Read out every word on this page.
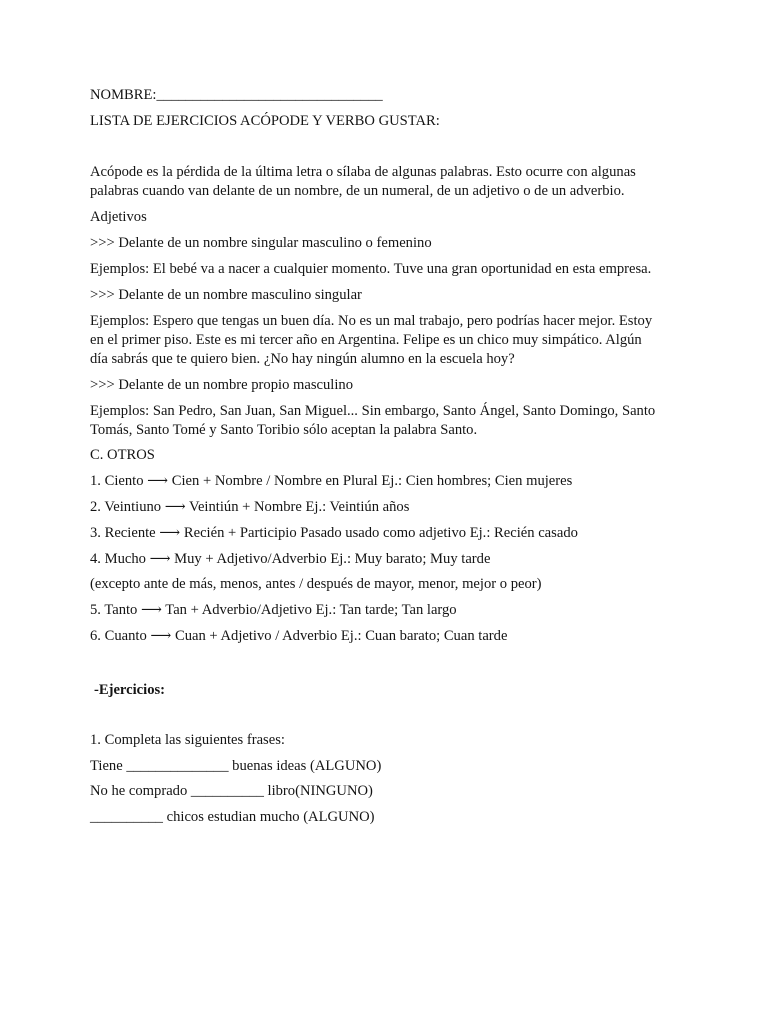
NOMBRE:_______________________________
LISTA DE EJERCICIOS ACÓPODE Y VERBO GUSTAR:
Acópode es la pérdida de la última letra o sílaba de algunas palabras. Esto ocurre con algunas
palabras cuando van delante de un nombre, de un numeral, de un adjetivo o de un adverbio.
Adjetivos
>>> Delante de un nombre singular masculino o femenino
Ejemplos: El bebé va a nacer a cualquier momento. Tuve una gran oportunidad en esta empresa.
>>> Delante de un nombre masculino singular
Ejemplos: Espero que tengas un buen día. No es un mal trabajo, pero podrías hacer mejor. Estoy
en el primer piso. Este es mi tercer año en Argentina. Felipe es un chico muy simpático. Algún
día sabrás que te quiero bien. ¿No hay ningún alumno en la escuela hoy?
>>> Delante de un nombre propio masculino
Ejemplos: San Pedro, San Juan, San Miguel... Sin embargo, Santo Ángel, Santo Domingo, Santo
Tomás, Santo Tomé y Santo Toribio sólo aceptan la palabra Santo.
C. OTROS
1. Ciento ⟶ Cien + Nombre / Nombre en Plural Ej.: Cien hombres; Cien mujeres
2. Veintiuno ⟶ Veintiún + Nombre Ej.: Veintiún años
3. Reciente ⟶ Recién + Participio Pasado usado como adjetivo Ej.: Recién casado
4. Mucho ⟶ Muy + Adjetivo/Adverbio Ej.: Muy barato; Muy tarde
(excepto ante de más, menos, antes / después de mayor, menor, mejor o peor)
5. Tanto ⟶ Tan + Adverbio/Adjetivo Ej.: Tan tarde; Tan largo
6. Cuanto ⟶ Cuan + Adjetivo / Adverbio Ej.: Cuan barato; Cuan tarde
-Ejercicios:
1. Completa las siguientes frases:
Tiene ______________ buenas ideas (ALGUNO)
No he comprado __________ libro(NINGUNO)
__________ chicos estudian mucho (ALGUNO)
